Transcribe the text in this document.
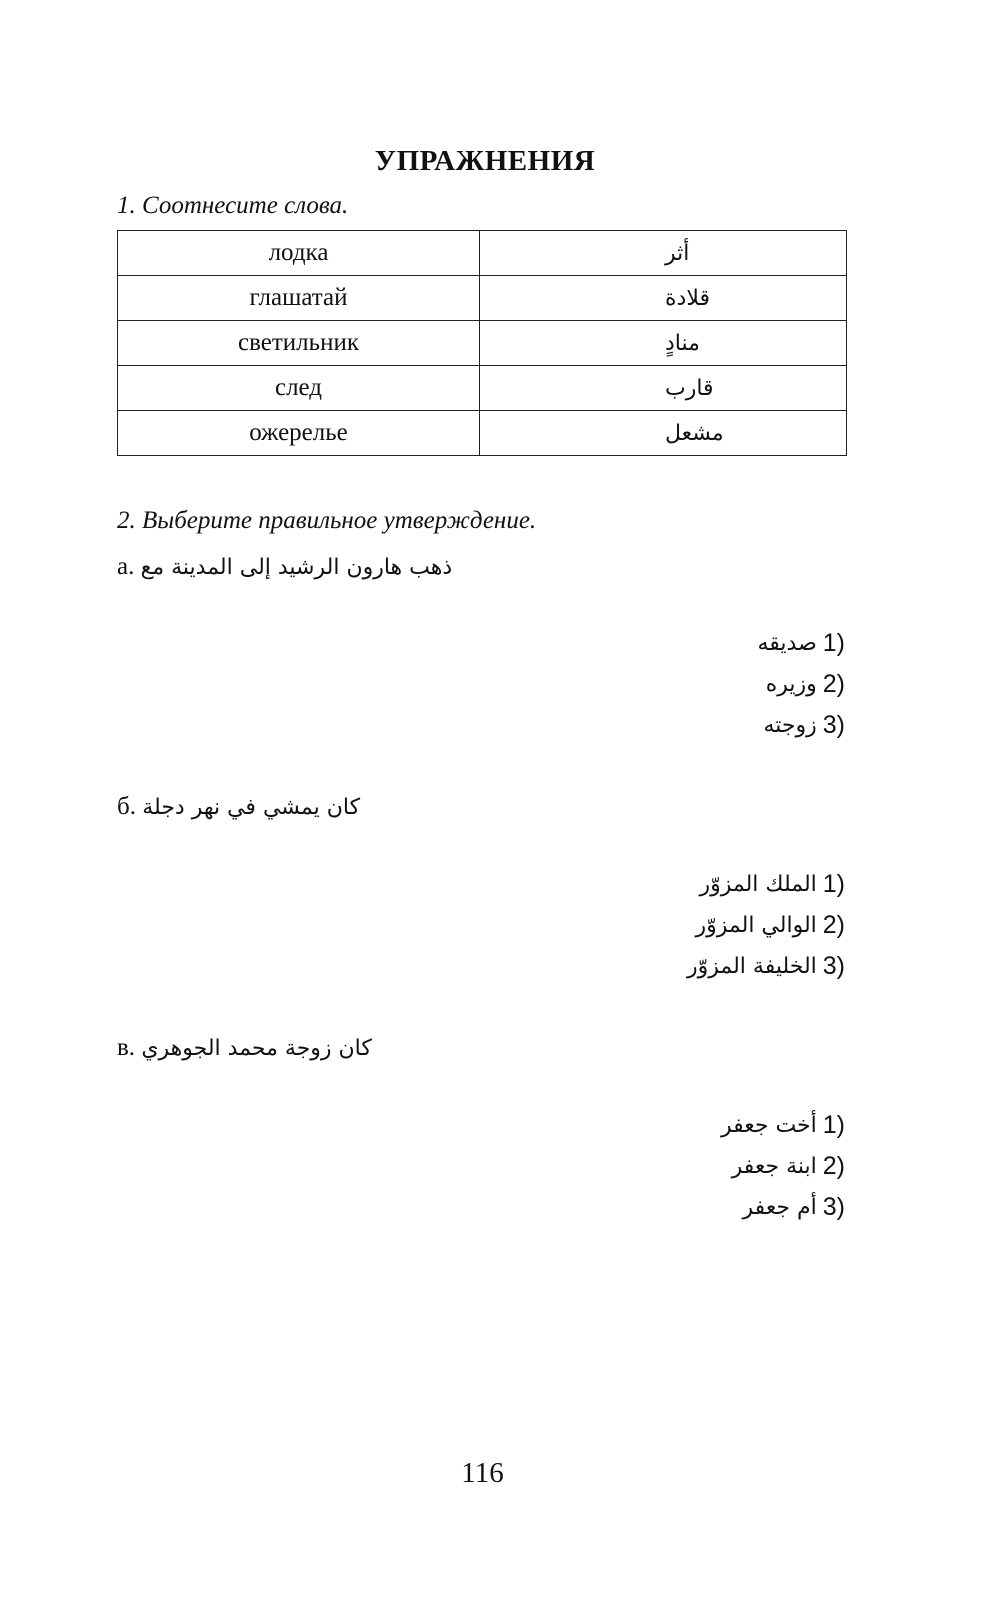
УПРАЖНЕНИЯ
1. Соотнесите слова.
лодка	أثر
глашатай	قلادة
светильник	منادٍ
след	قارب
ожерелье	مشعل
2. Выберите правильное утверждение.
а. ذهب هارون الرشيد إلى المدينة مع
صديقه 1)
وزيره 2)
زوجته 3)
б. كان يمشي في نهر دجلة
الملك المزوّر 1)
الوالي المزوّر 2)
الخليفة المزوّر 3)
в. كان زوجة محمد الجوهري
أخت جعفر 1)
ابنة جعفر 2)
أم جعفر 3)
116
